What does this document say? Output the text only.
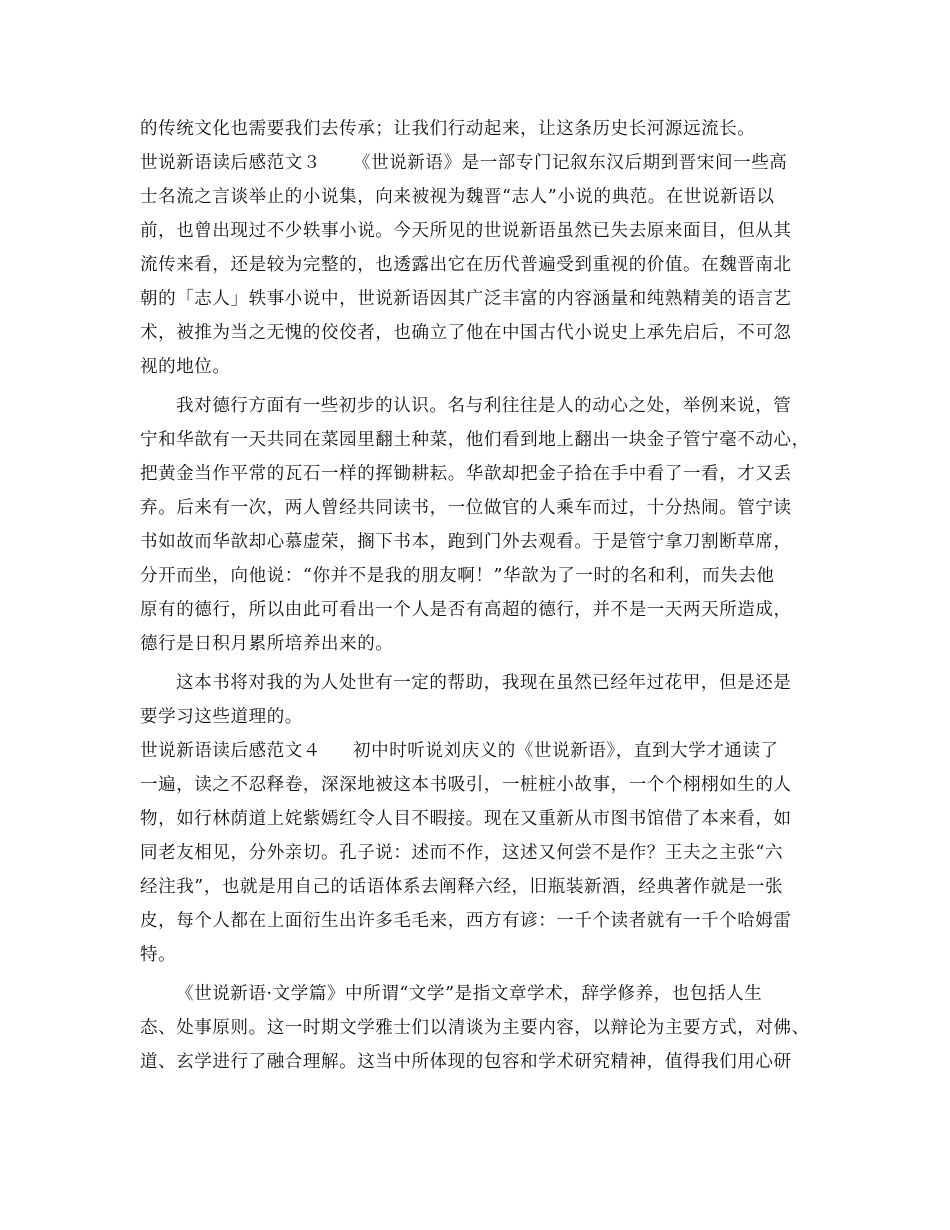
的传统文化也需要我们去传承；让我们行动起来，让这条历史长河源远流长。
世说新语读后感范文３ 《世说新语》是一部专门记叙东汉后期到晋宋间一些高
士名流之言谈举止的小说集，向来被视为魏晋“志人”小说的典范。在世说新语以
前，也曾出现过不少轶事小说。今天所见的世说新语虽然已失去原来面目，但从其
流传来看，还是较为完整的，也透露出它在历代普遍受到重视的价值。在魏晋南北
朝的「志人」轶事小说中，世说新语因其广泛丰富的内容涵量和纯熟精美的语言艺
术，被推为当之无愧的佼佼者，也确立了他在中国古代小说史上承先启后，不可忽
视的地位。
我对德行方面有一些初步的认识。名与利往往是人的动心之处，举例来说，管
宁和华歆有一天共同在菜园里翻土种菜，他们看到地上翻出一块金子管宁毫不动心，
把黄金当作平常的瓦石一样的挥锄耕耘。华歆却把金子拾在手中看了一看，才又丢
弃。后来有一次，两人曾经共同读书，一位做官的人乘车而过，十分热闹。管宁读
书如故而华歆却心慕虚荣，搁下书本，跑到门外去观看。于是管宁拿刀割断草席，
分开而坐，向他说：“你并不是我的朋友啊！”华歆为了一时的名和利，而失去他
原有的德行，所以由此可看出一个人是否有高超的德行，并不是一天两天所造成，
德行是日积月累所培养出来的。
这本书将对我的为人处世有一定的帮助，我现在虽然已经年过花甲，但是还是
要学习这些道理的。
世说新语读后感范文４ 初中时听说刘庆义的《世说新语》，直到大学才通读了
一遍，读之不忍释卷，深深地被这本书吸引，一桩桩小故事，一个个栩栩如生的人
物，如行林荫道上姹紫嫣红令人目不暇接。现在又重新从市图书馆借了本来看，如
同老友相见，分外亲切。孔子说：述而不作，这述又何尝不是作？王夫之主张“六
经注我”，也就是用自己的话语体系去阐释六经，旧瓶装新酒，经典著作就是一张
皮，每个人都在上面衍生出许多毛毛来，西方有谚：一千个读者就有一千个哈姆雷
特。
《世说新语·文学篇》中所谓“文学”是指文章学术，辞学修养，也包括人生
态、处事原则。这一时期文学雅士们以清谈为主要内容，以辩论为主要方式，对佛、
道、玄学进行了融合理解。这当中所体现的包容和学术研究精神，值得我们用心研
